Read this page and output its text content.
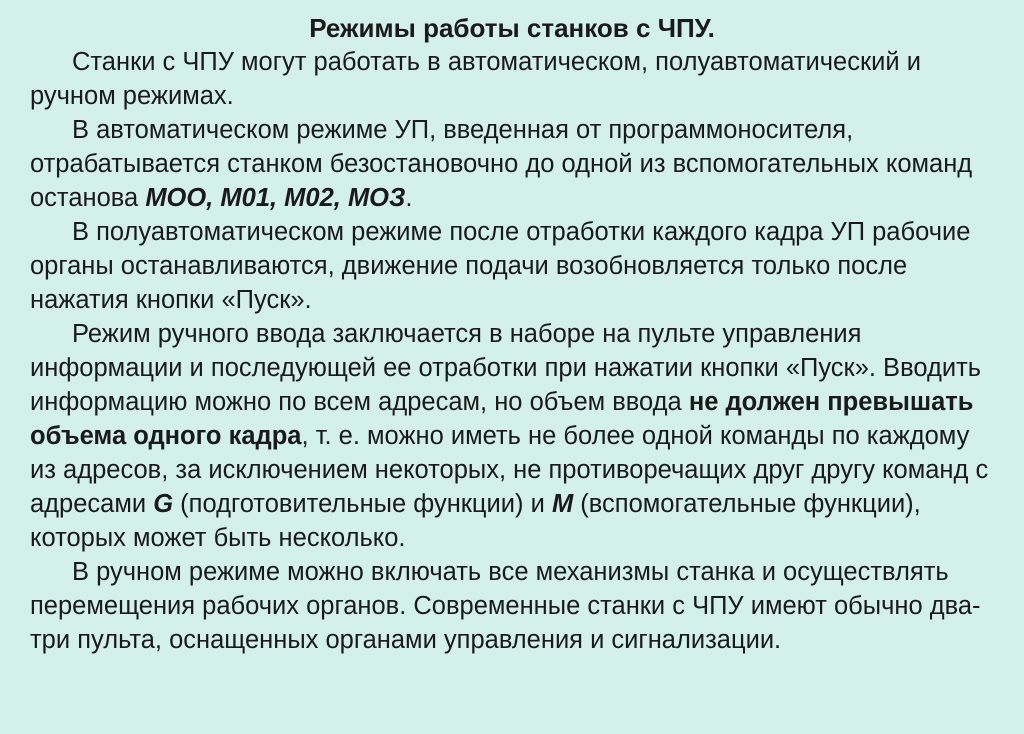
Режимы работы станков с ЧПУ.

Станки с ЧПУ могут работать в автоматическом, полуавтоматический и ручном режимах.

В автоматическом режиме УП, введенная от программоносителя, отрабатывается станком безостановочно до одной из вспомогательных команд останова МОО, М01, М02, МОЗ.

В полуавтоматическом режиме после отработки каждого кадра УП рабочие органы останавливаются, движение подачи возобновляется только после нажатия кнопки «Пуск».

Режим ручного ввода заключается в наборе на пульте управления информации и последующей ее отработки при нажатии кнопки «Пуск». Вводить информацию можно по всем адресам, но объем ввода не должен превышать объема одного кадра, т. е. можно иметь не более одной команды по каждому из адресов, за исключением некоторых, не противоречащих друг другу команд с адресами G (подготовительные функции) и М (вспомогательные функции), которых может быть несколько.

В ручном режиме можно включать все механизмы станка и осуществлять перемещения рабочих органов. Современные станки с ЧПУ имеют обычно два-три пульта, оснащенных органами управления и сигнализации.
